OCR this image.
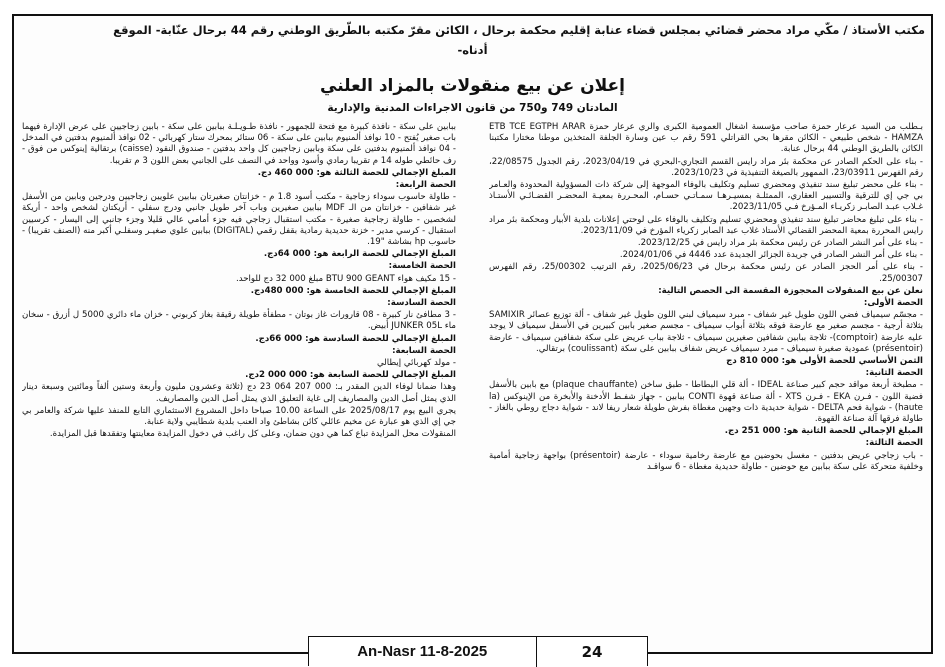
مكتب الأستاذ / مكّي مراد محضر قضائي بمجلس قضاء عنابة إقليم محكمة برحال ، الكائن مقرّ مكتبه بالطّريق الوطني رقم 44 برحال عنّابة- الموقع
أدناه-
إعلان عن بيع منقولات بالمزاد العلني
المادتان 749 و750 من قانون الاجراءات المدنية والإدارية

بـطلب من السيد عرعار حمزة صاحب مؤسسة أشغال العمومية الكبرى والري عرعار حمزة ETB TCE EGTPH ARAR HAMZA - شخص طبيعي - الكائن مقرها بحي القراتلي 591 رقم ب عين وسارة الجلفة المتخذين موطنا مختارا مكتبنا الكائن بالطريق الوطني 44 برحال عنابة.

- بناء على الحكم الصادر عن محكمة بئر مراد رايس القسم التجاري-البحري في 2023/04/19، رقم الجدول 22/08575، رقم الفهرس 23/03911، الممهور بالصيغة التنفيذية في 2023/10/23.

- بناء على محضر تبليغ سند تنفيذي ومحضري تسليم وتكليف بالوفاء الموجهة إلى شركة ذات المسؤولية المحدودة والعـامر بي جي إي للترقية والتسيير العقاري، الممثلـة بمسيـرهـا سمـاتـي حسـام، المحـررة بمعيـة المحضـر القضـائـي الأستـاذ غـلاب عبـد الصابـر زكريـاء المـؤرخ فـي 2023/11/05.

- بناء على تبليغ محاضر تبليغ سند تنفيذي ومحضري تسليم وتكليف بالوفاء على لوحتي إعلانات بلدية الأبيار ومحكمة بئر مراد رايس المحررة بمعية المحضر القضائي الأستاذ غلاب عبد الصابر زكرياء المؤرخ في 2023/11/09.

- بناء على أمر النشر الصادر عن رئيس محكمة بئر مراد رايس في 2023/12/25.

- بناء على أمر النشر الصادر في جريدة الجزائر الجديدة عدد 4446 في 2024/01/06.

- بناء على أمر الحجز الصادر عن رئيس محكمة برحال في 2025/06/23، رقم الترتيب 25/00302، رقم الفهرس 25/00307.

نعلن عن بيع المنقولات المحجوزة المقسمة الى الحصص التالية:

الحصة الأولى:

- مجسّم سيمياف فضي اللون طويل غير شفاف - مبرد سيمياف لبني اللون طويل غير شفاف - ألة توزيع عصائر SAMIXIR بثلاثة أرجية - مجسم صغير مع عارضة فوقه بثلاثة أبواب سيمياف - مجسم صغير بابين كبيرين في الأسفل سيمياف لا يوجد عليه عارضة (comptoir)- ثلاجة ببابين شفافين صغيرين سيمياف - ثلاجة بباب عريض على سكة شفافين سيمياف - عارضة (présentoir) عمودية صغيرة سيمياف - مبرد سيمياف عريض شفاف ببابين على سكة (coulissant) برتقالي.

الثمن الأساسي للحصة الأولى هو: 000 810 دج

الحصة الثانية:

- مطبخة أربعة مواقد حجم كبير صناعة IDEAL - ألة قلي البطاطا - طبق ساخن (plaque chauffante) مع بابين بالأسفل فضية اللون - فـرن EKA - فـرن XTS - ألة صناعة قهوة CONTI ببابين - جهاز شفـط الأدخنة والأبخرة من الإينوكس (la haute) - شواية فحم DELTA - شواية حديدية ذات وجهين مغطاة بفرش طويلة شعار ريفا لاند - شواية دجاج روطي بالغاز - طاولة فرقها آلة صناعة القهوة.

المبلغ الإجمالي للحصة الثانية هو: 000 251 دج.

الحصة الثالثة:

- باب زجاجي عريض بدفتين - مغسل بحوضين مع عارضة رخامية سوداء - عارضة (présentoir) بواجهة زجاجية أمامية وخلفية متحركة على سكة ببابين مع حوضين - طاولة حديدية مغطاة - 6 سواقـد

ببابين على سكة - نافذة كبيرة مع فتحة للجمهور - نافذة طـويـلـة ببابين على سكة - بابين زجاجيين على عرض الإدارة فيهما باب صغير يُفتح - 10 نوافذ ألمنيوم ببابين على سكة - 06 ستائر بمحرك ستار كهربائي - 02 نوافذ ألمنيوم بدفتين في المدخل - 04 نوافذ ألمنيوم بدفتين على سكة وبابين زجاجيين كل واحد بدفتين - صندوق النقود (caisse) برتقالية إينوكس من فوق - رف حائطي طوله 14 م تقريبا رمادي وأسود وواحد في النصف على الجانبي بعض اللون 3 م تقريبا.

المبلغ الإجمالي للحصة الثالثة هو: 000 460 دج.

الحصة الرابعة:

- طاولة حاسوب سوداء زجاجية - مكتب أسود 1.8 م - خزانتان صغيرتان ببابين علويين زجاجيين ودرجين وبابين من الأسفل غير شفافين - خزانتان من الـ MDF ببابين صغيرين وباب آخر طويل جانبي ودرج سفلي - أريكتان لشخص واحد - أريكة لشخصين - طاولة زجاجية صغيرة - مكتب استقبال زجاجي فيه جزء أمامي عالي قليلا وجزء جانبي إلى اليسار - كرسيين استقبال - كرسي مدير - خزنة حديدية رمادية بقفل رقمي (DIGITAL) ببابين علوي صغيـر وسفلـي أكبر منه (الصنف تقريبا) - حاسوب hp بشاشة "19.

المبلغ الإجمالي للحصة الرابعة هو: 000 64دج.

الحصة الخامسة:

- 15 مكيف هواء BTU 900 GEANT مبلغ 000 32 دج للواحد.

المبلغ الإجمالي للحصة الخامسة هو: 000 480دج.

الحصة السادسة:

- 3 مطافئ نار كبيرة - 08 قارورات غاز بوتان - مطفأة طويلة رقيقة بغاز كربوني - خزان ماء دائري 5000 ل أزرق - سخان ماء JUNKER 05L أبيض.

المبلغ الإجمالي للحصة السادسة هو: 000 66دج.

الحصة السابعة:

- مولد كهربائي إيطالي

المبلغ الإجمالي للحصة السابعة هو: 000 000 2دج.

وهذا ضمانا لوفاء الدين المقدر بـ: 000 207 064 23 دج (ثلاثة وعشرون مليون وأربعة وستين ألفاً ومائتين وسبعة دينار الذي يمثل أصل الدين والمصاريف إلى غاية التعليق الذي يمثل أصل الدين والمصاريف.

يجري البيع يوم 2025/08/17 على الساعة 10.00 صباحا داخل المشروع الاستثماري التابع للمنفذ عليها شركة والعامر بي جي إي الذي هو عبارة عن مخيم عائلي كائن بشاطئ واد العنب بلدية شطايبي ولاية عنابة.

المنقولات محل المزايدة تباع كما هي دون ضمان، وعلى كل راغب في دخول المزايدة معاينتها وتفقدها قبل المزايدة.

24
An-Nasr 11-8-2025
